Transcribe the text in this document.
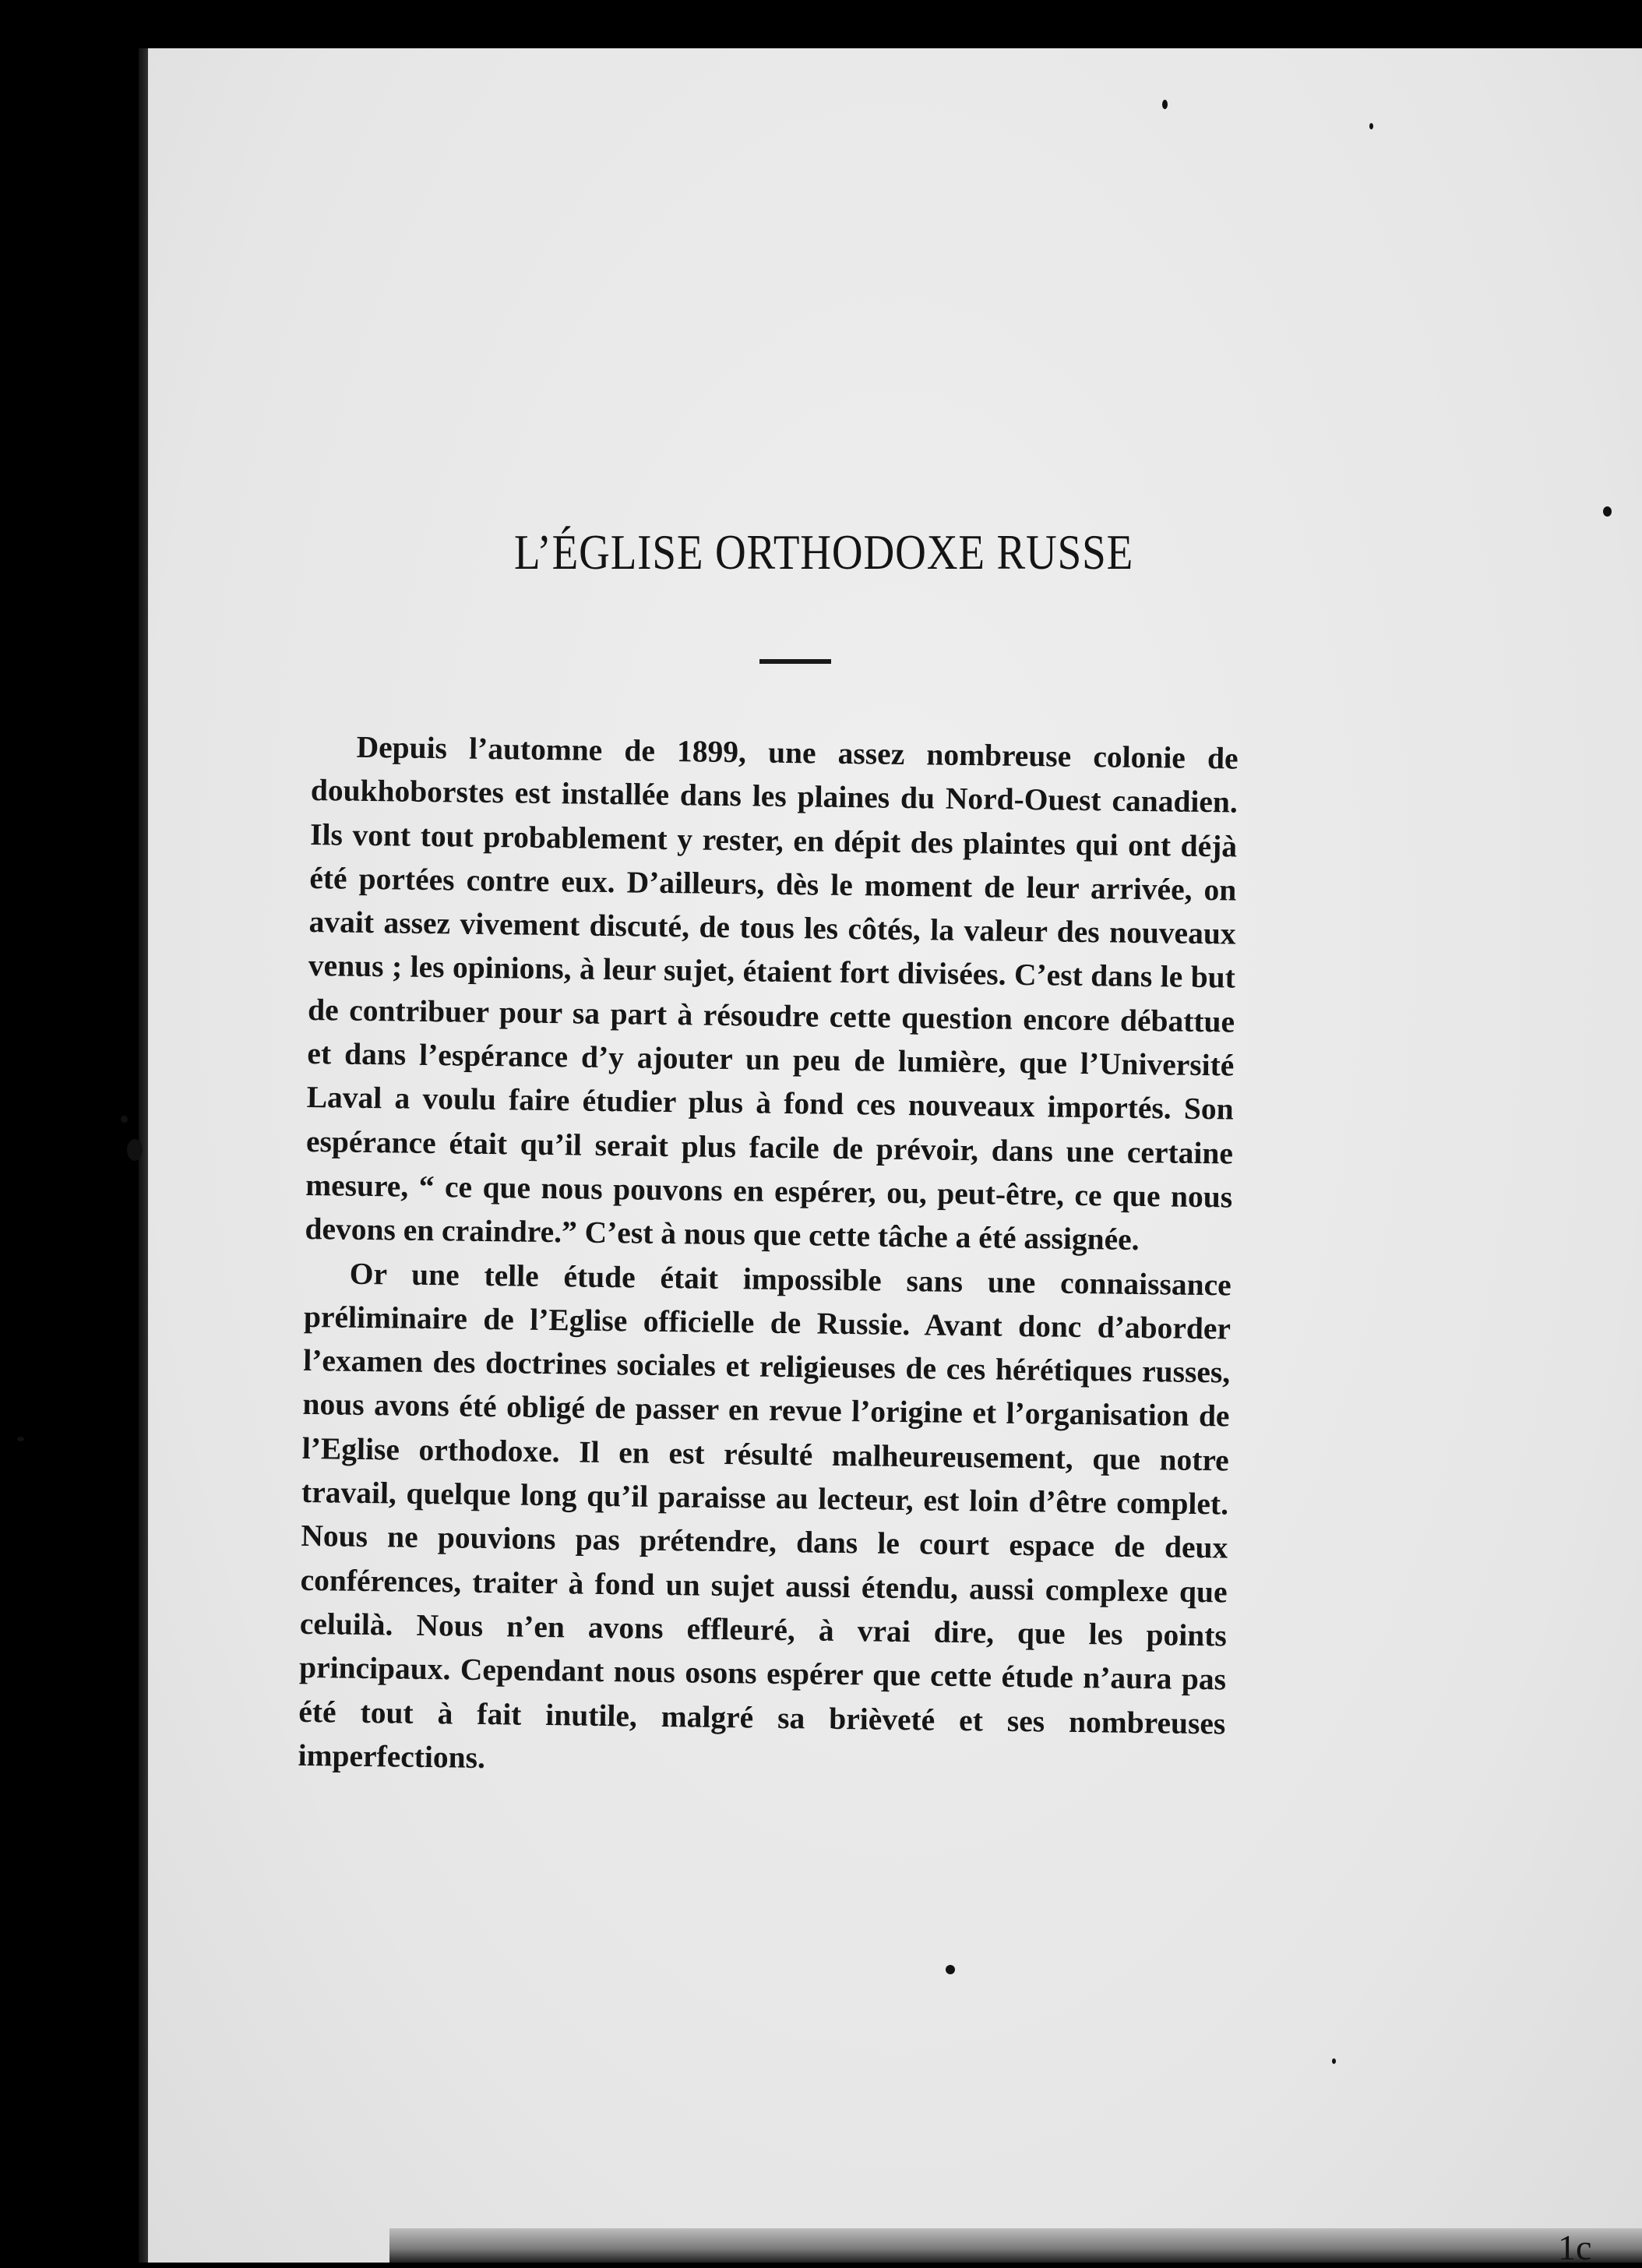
L’ÉGLISE ORTHODOXE RUSSE

Depuis l’automne de 1899, une assez nombreuse colonie de doukhoborstes est installée dans les plaines du Nord-Ouest canadien. Ils vont tout probablement y rester, en dépit des plaintes qui ont déjà été portées contre eux. D’ailleurs, dès le moment de leur arrivée, on avait assez vivement discuté, de tous les côtés, la valeur des nouveaux venus ; les opinions, à leur sujet, étaient fort divisées. C’est dans le but de contribuer pour sa part à résoudre cette question encore débattue et dans l’espérance d’y ajouter un peu de lumière, que l’Université Laval a voulu faire étudier plus à fond ces nouveaux importés. Son espérance était qu’il serait plus facile de prévoir, dans une certaine mesure, “ ce que nous pouvons en espérer, ou, peut-être, ce que nous devons en craindre.” C’est à nous que cette tâche a été assignée.

Or une telle étude était impossible sans une connaissance préliminaire de l’Eglise officielle de Russie. Avant donc d’aborder l’examen des doctrines sociales et religieuses de ces hérétiques russes, nous avons été obligé de passer en revue l’origine et l’organisation de l’Eglise orthodoxe. Il en est résulté malheureusement, que notre travail, quelque long qu’il paraisse au lecteur, est loin d’être complet. Nous ne pouvions pas prétendre, dans le court espace de deux conférences, traiter à fond un sujet aussi étendu, aussi complexe que celuilà. Nous n’en avons effleuré, à vrai dire, que les points principaux. Cependant nous osons espérer que cette étude n’aura pas été tout à fait inutile, malgré sa brièveté et ses nombreuses imperfections.

1c
